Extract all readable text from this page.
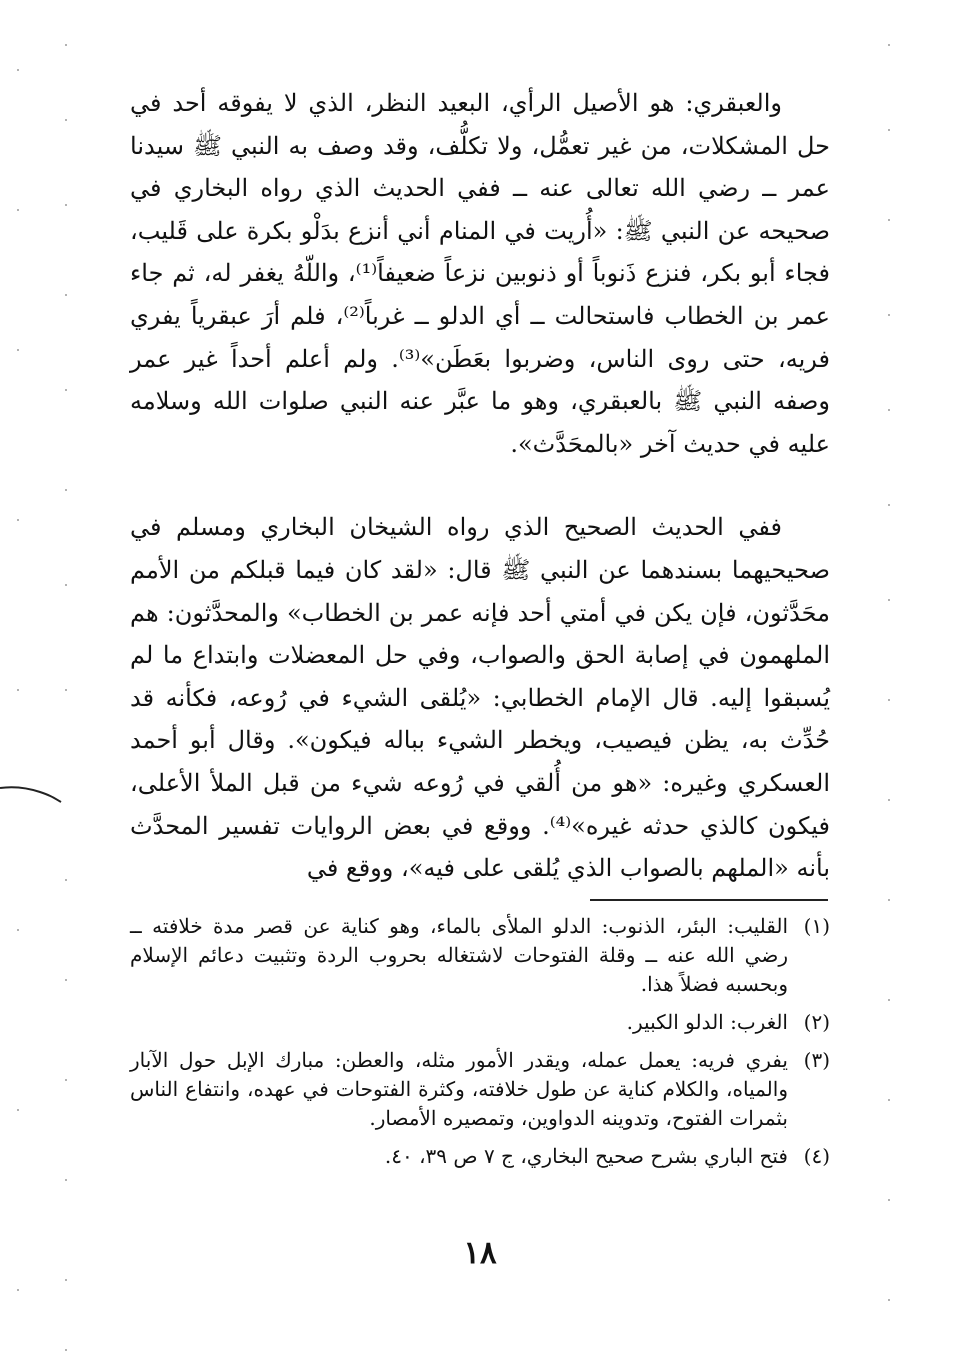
والعبقري: هو الأصيل الرأي، البعيد النظر، الذي لا يفوقه أحد في حل المشكلات، من غير تعمُّل، ولا تكلُّف، وقد وصف به النبي ﷺ سيدنا عمر ــ رضي الله تعالى عنه ــ ففي الحديث الذي رواه البخاري في صحيحه عن النبي ﷺ: «أُريت في المنام أني أنزع بدَلْو بكرة على قَليب، فجاء أبو بكر، فنزع ذَنوباً أو ذنوبين نزعاً ضعيفاً⁽¹⁾، واللّهُ يغفر له، ثم جاء عمر بن الخطاب فاستحالت ــ أي الدلو ــ غرباً⁽²⁾، فلم أرَ عبقرياً يفري فريه، حتى روى الناس، وضربوا بعَطَن»⁽³⁾. ولم أعلم أحداً غير عمر وصفه النبي ﷺ بالعبقري، وهو ما عبَّر عنه النبي صلوات الله وسلامه عليه في حديث آخر «بالمحَدَّث».

ففي الحديث الصحيح الذي رواه الشيخان البخاري ومسلم في صحيحيهما بسندهما عن النبي ﷺ قال: «لقد كان فيما قبلكم من الأمم محَدَّثون، فإن يكن في أمتي أحد فإنه عمر بن الخطاب» والمحدَّثون: هم الملهمون في إصابة الحق والصواب، وفي حل المعضلات وابتداع ما لم يُسبقوا إليه. قال الإمام الخطابي: «يُلقى الشيء في رُوعه، فكأنه قد حُدِّث به، يظن فيصيب، ويخطر الشيء بباله فيكون». وقال أبو أحمد العسكري وغيره: «هو من أُلقي في رُوعه شيء من قبل الملأ الأعلى، فيكون كالذي حدثه غيره»⁽⁴⁾. ووقع في بعض الروايات تفسير المحدَّث بأنه «الملهم بالصواب الذي يُلقى على فيه»، ووقع في

(١)
القليب: البئر، الذنوب: الدلو الملأى بالماء، وهو كناية عن قصر مدة خلافته ــ رضي الله عنه ــ وقلة الفتوحات لاشتغاله بحروب الردة وتثبيت دعائم الإسلام وبحسبه فضلاً هذا.
(٢)
الغرب: الدلو الكبير.
(٣)
يفري فريه: يعمل عمله، ويقدر الأمور مثله، والعطن: مبارك الإبل حول الآبار والمياه، والكلام كناية عن طول خلافته، وكثرة الفتوحات في عهده، وانتفاع الناس بثمرات الفتوح، وتدوينه الدواوين، وتمصيره الأمصار.
(٤)
فتح الباري بشرح صحيح البخاري، ج ٧ ص ٣٩، ٤٠.
١٨
